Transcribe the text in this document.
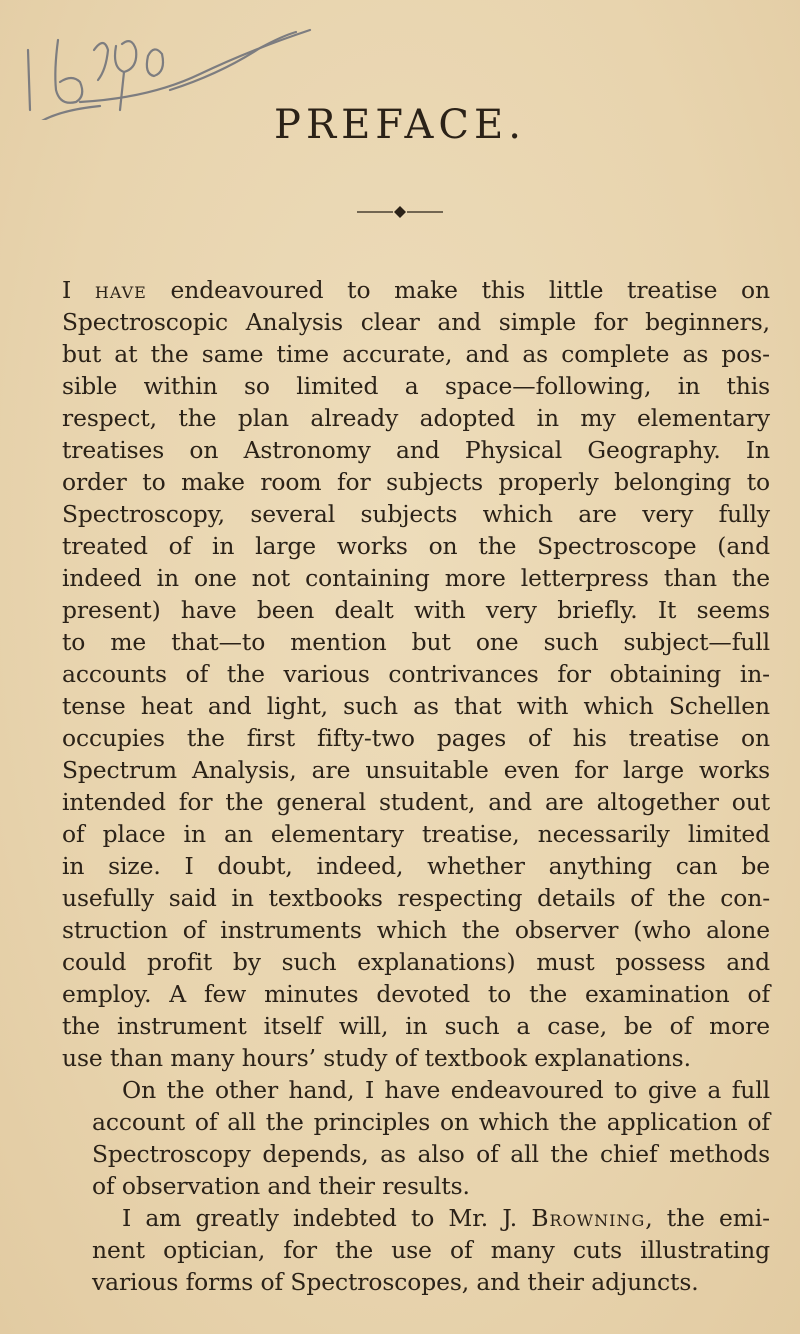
PREFACE.

I have endeavoured to make this little treatise on
Spectroscopic Analysis clear and simple for beginners,
but at the same time accurate, and as complete as pos-
sible within so limited a space—following, in this
respect, the plan already adopted in my elementary
treatises on Astronomy and Physical Geography. In
order to make room for subjects properly belonging to
Spectroscopy, several subjects which are very fully
treated of in large works on the Spectroscope (and
indeed in one not containing more letterpress than the
present) have been dealt with very briefly. It seems
to me that—to mention but one such subject—full
accounts of the various contrivances for obtaining in-
tense heat and light, such as that with which Schellen
occupies the first fifty-two pages of his treatise on
Spectrum Analysis, are unsuitable even for large works
intended for the general student, and are altogether out
of place in an elementary treatise, necessarily limited
in size. I doubt, indeed, whether anything can be
usefully said in textbooks respecting details of the con-
struction of instruments which the observer (who alone
could profit by such explanations) must possess and
employ. A few minutes devoted to the examination of
the instrument itself will, in such a case, be of more
use than many hours’ study of textbook explanations.

On the other hand, I have endeavoured to give a full
account of all the principles on which the application of
Spectroscopy depends, as also of all the chief methods
of observation and their results.

I am greatly indebted to Mr. J. Browning, the emi-
nent optician, for the use of many cuts illustrating
various forms of Spectroscopes, and their adjuncts.
